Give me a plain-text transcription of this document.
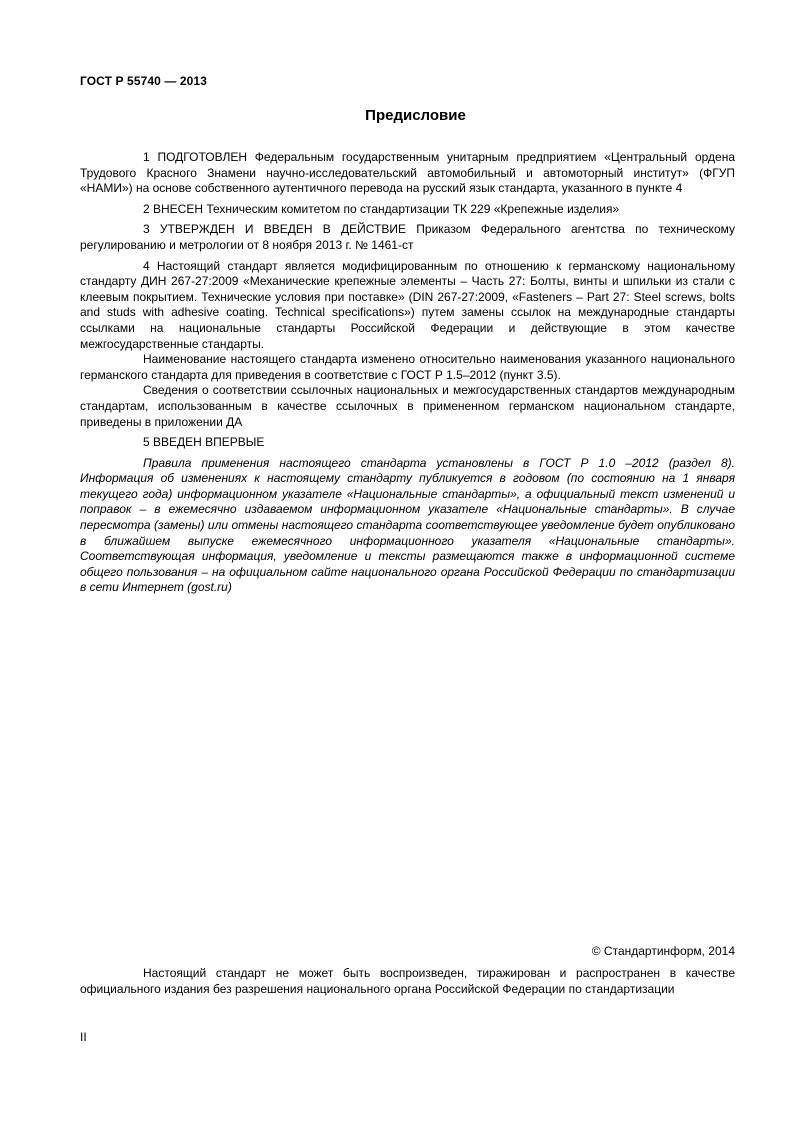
ГОСТ Р 55740 — 2013
Предисловие

1 ПОДГОТОВЛЕН Федеральным государственным унитарным предприятием «Центральный ордена Трудового Красного Знамени научно-исследовательский автомобильный и автомоторный институт» (ФГУП «НАМИ») на основе собственного аутентичного перевода на русский язык стандарта, указанного в пункте 4

2 ВНЕСЕН Техническим комитетом по стандартизации ТК 229 «Крепежные изделия»

3 УТВЕРЖДЕН И ВВЕДЕН В ДЕЙСТВИЕ Приказом Федерального агентства по техническому регулированию и метрологии от 8 ноября 2013 г. № 1461-ст

4 Настоящий стандарт является модифицированным по отношению к германскому национальному стандарту ДИН 267-27:2009 «Механические крепежные элементы – Часть 27: Болты, винты и шпильки из стали с клеевым покрытием. Технические условия при поставке» (DIN 267-27:2009, «Fasteners – Part 27: Steel screws, bolts and studs with adhesive coating. Technical specifications») путем замены ссылок на международные стандарты ссылками на национальные стандарты Российской Федерации и действующие в этом качестве межгосударственные стандарты.

Наименование настоящего стандарта изменено относительно наименования указанного национального германского стандарта для приведения в соответствие с ГОСТ Р 1.5–2012 (пункт 3.5).

Сведения о соответствии ссылочных национальных и межгосударственных стандартов международным стандартам, использованным в качестве ссылочных в примененном германском национальном стандарте, приведены в приложении ДА

5 ВВЕДЕН ВПЕРВЫЕ

Правила применения настоящего стандарта установлены в ГОСТ Р 1.0 –2012 (раздел 8). Информация об изменениях к настоящему стандарту публикуется в годовом (по состоянию на 1 января текущего года) информационном указателе «Национальные стандарты», а официальный текст изменений и поправок – в ежемесячно издаваемом информационном указателе «Национальные стандарты». В случае пересмотра (замены) или отмены настоящего стандарта соответствующее уведомление будет опубликовано в ближайшем выпуске ежемесячного информационного указателя «Национальные стандарты». Соответствующая информация, уведомление и тексты размещаются также в информационной системе общего пользования – на официальном сайте национального органа Российской Федерации по стандартизации в сети Интернет (gost.ru)

© Стандартинформ, 2014

Настоящий стандарт не может быть воспроизведен, тиражирован и распространен в качестве официального издания без разрешения национального органа Российской Федерации по стандартизации

II
